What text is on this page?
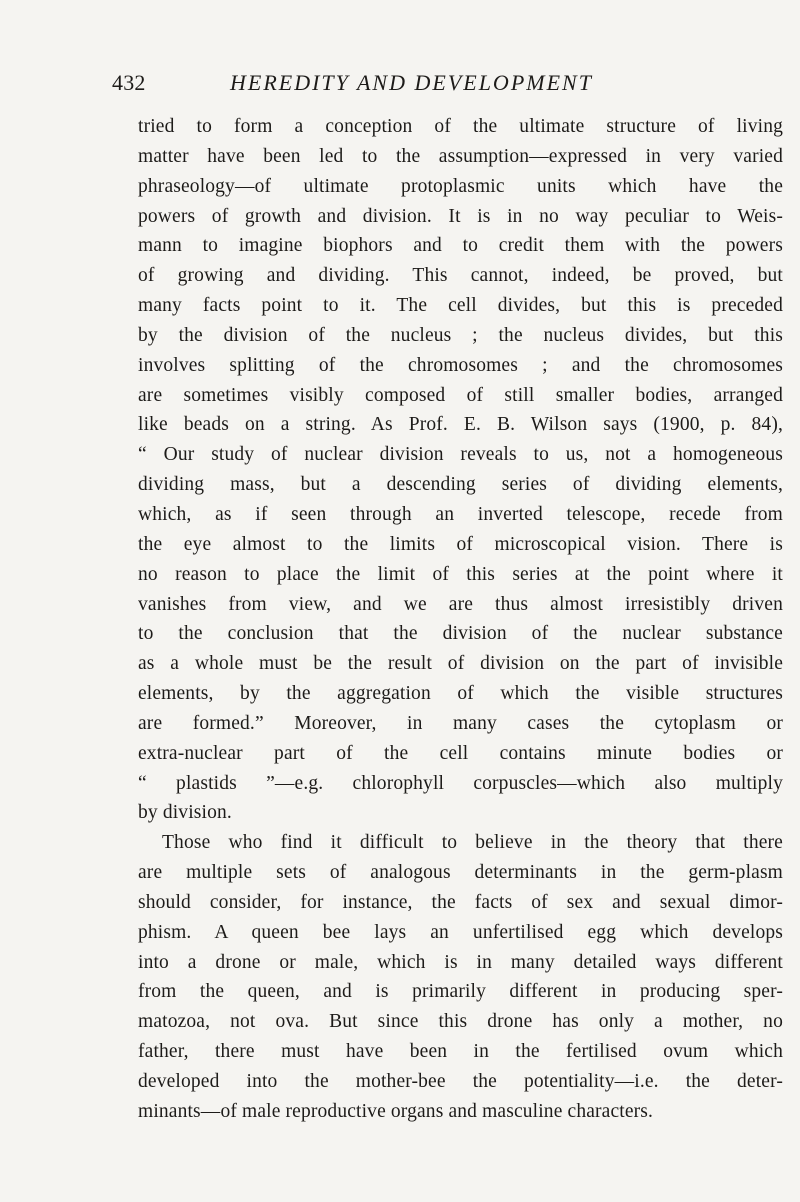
432	HEREDITY AND DEVELOPMENT
tried to form a conception of the ultimate structure of living
matter have been led to the assumption—expressed in very varied
phraseology—of ultimate protoplasmic units which have the
powers of growth and division. It is in no way peculiar to Weis-
mann to imagine biophors and to credit them with the powers
of growing and dividing. This cannot, indeed, be proved, but
many facts point to it. The cell divides, but this is preceded
by the division of the nucleus ; the nucleus divides, but this
involves splitting of the chromosomes ; and the chromosomes
are sometimes visibly composed of still smaller bodies, arranged
like beads on a string. As Prof. E. B. Wilson says (1900, p. 84),
“ Our study of nuclear division reveals to us, not a homogeneous
dividing mass, but a descending series of dividing elements,
which, as if seen through an inverted telescope, recede from
the eye almost to the limits of microscopical vision. There is
no reason to place the limit of this series at the point where it
vanishes from view, and we are thus almost irresistibly driven
to the conclusion that the division of the nuclear substance
as a whole must be the result of division on the part of invisible
elements, by the aggregation of which the visible structures
are formed.” Moreover, in many cases the cytoplasm or
extra-nuclear part of the cell contains minute bodies or
“ plastids ”—e.g. chlorophyll corpuscles—which also multiply
by division.
Those who find it difficult to believe in the theory that there
are multiple sets of analogous determinants in the germ-plasm
should consider, for instance, the facts of sex and sexual dimor-
phism. A queen bee lays an unfertilised egg which develops
into a drone or male, which is in many detailed ways different
from the queen, and is primarily different in producing sper-
matozoa, not ova. But since this drone has only a mother, no
father, there must have been in the fertilised ovum which
developed into the mother-bee the potentiality—i.e. the deter-
minants—of male reproductive organs and masculine characters.
